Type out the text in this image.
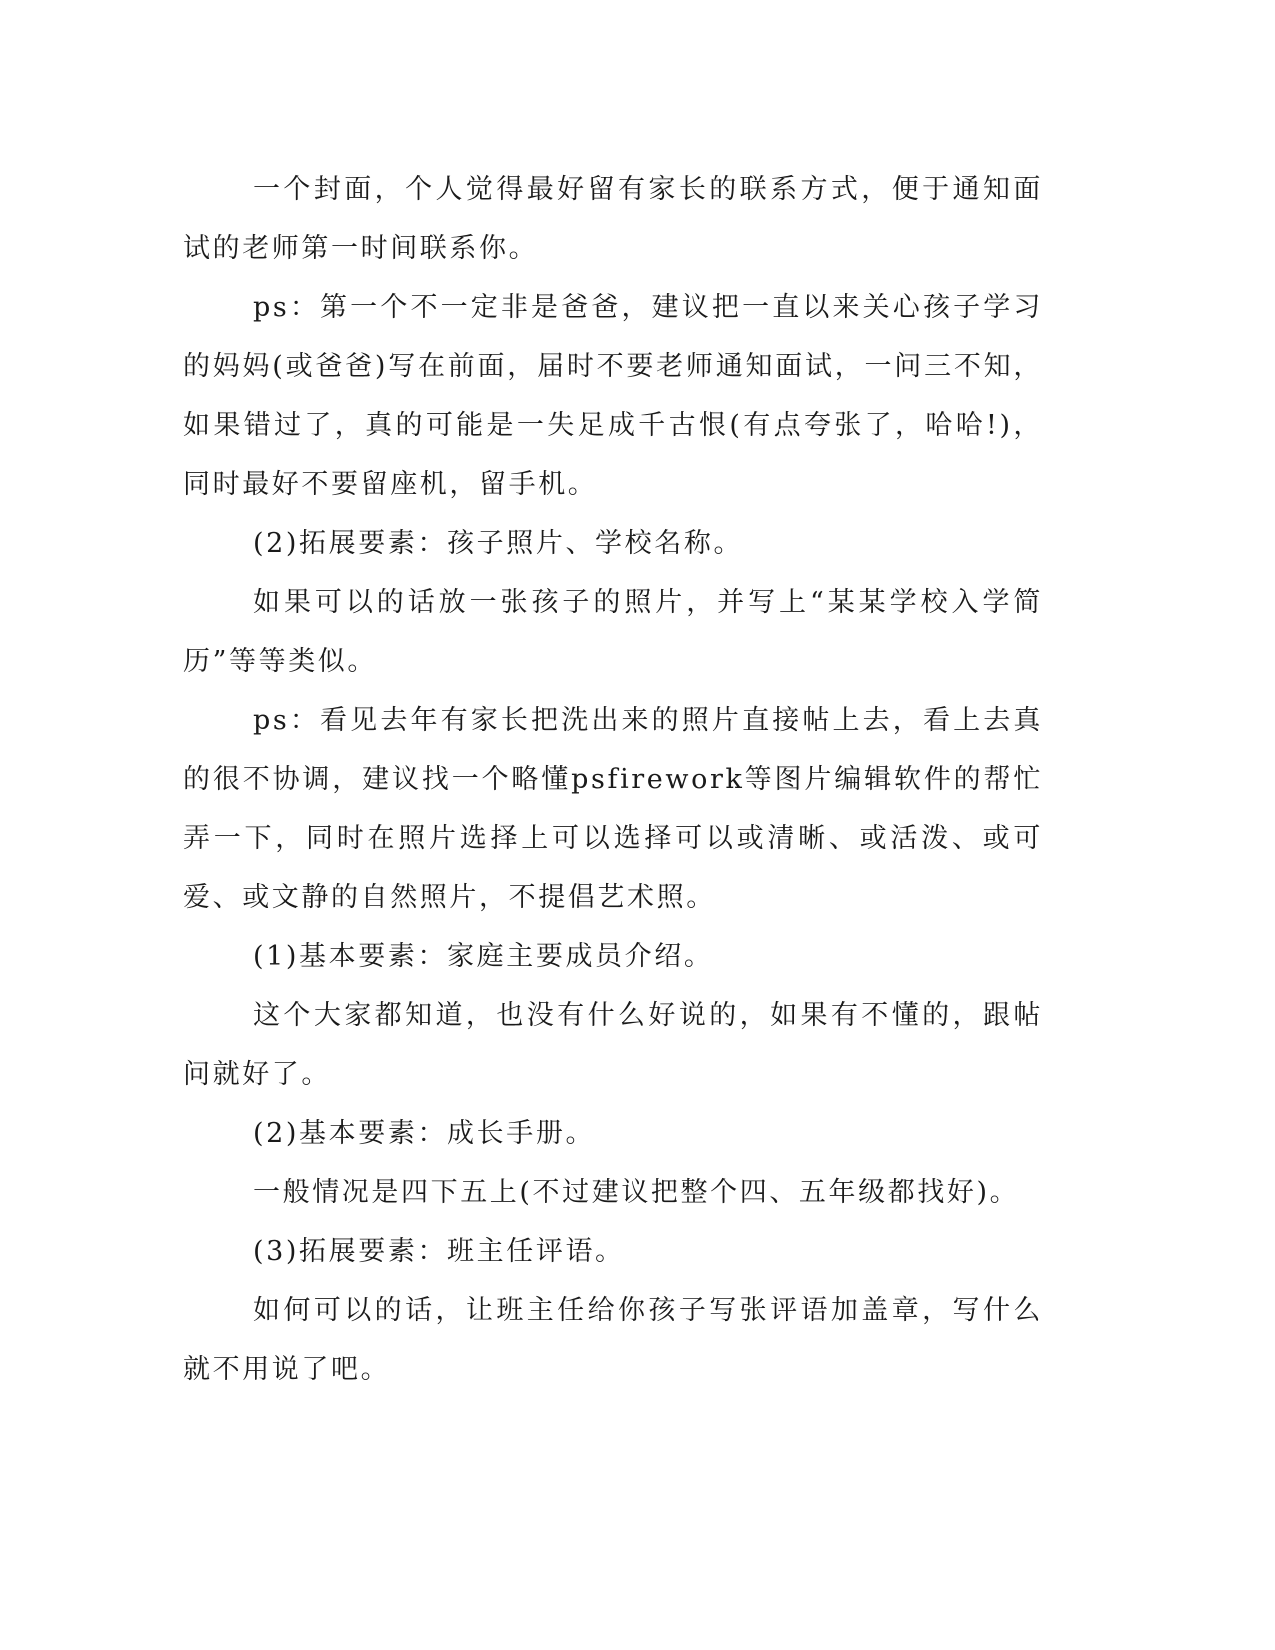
一个封面，个人觉得最好留有家长的联系方式，便于通知面试的老师第一时间联系你。

ps：第一个不一定非是爸爸，建议把一直以来关心孩子学习的妈妈(或爸爸)写在前面，届时不要老师通知面试，一问三不知，如果错过了，真的可能是一失足成千古恨(有点夸张了，哈哈!)，同时最好不要留座机，留手机。

(2)拓展要素：孩子照片、学校名称。

如果可以的话放一张孩子的照片，并写上“某某学校入学简历”等等类似。

ps：看见去年有家长把洗出来的照片直接帖上去，看上去真的很不协调，建议找一个略懂psfirework等图片编辑软件的帮忙弄一下，同时在照片选择上可以选择可以或清晰、或活泼、或可爱、或文静的自然照片，不提倡艺术照。

(1)基本要素：家庭主要成员介绍。

这个大家都知道，也没有什么好说的，如果有不懂的，跟帖问就好了。

(2)基本要素：成长手册。

一般情况是四下五上(不过建议把整个四、五年级都找好)。

(3)拓展要素：班主任评语。

如何可以的话，让班主任给你孩子写张评语加盖章，写什么就不用说了吧。
